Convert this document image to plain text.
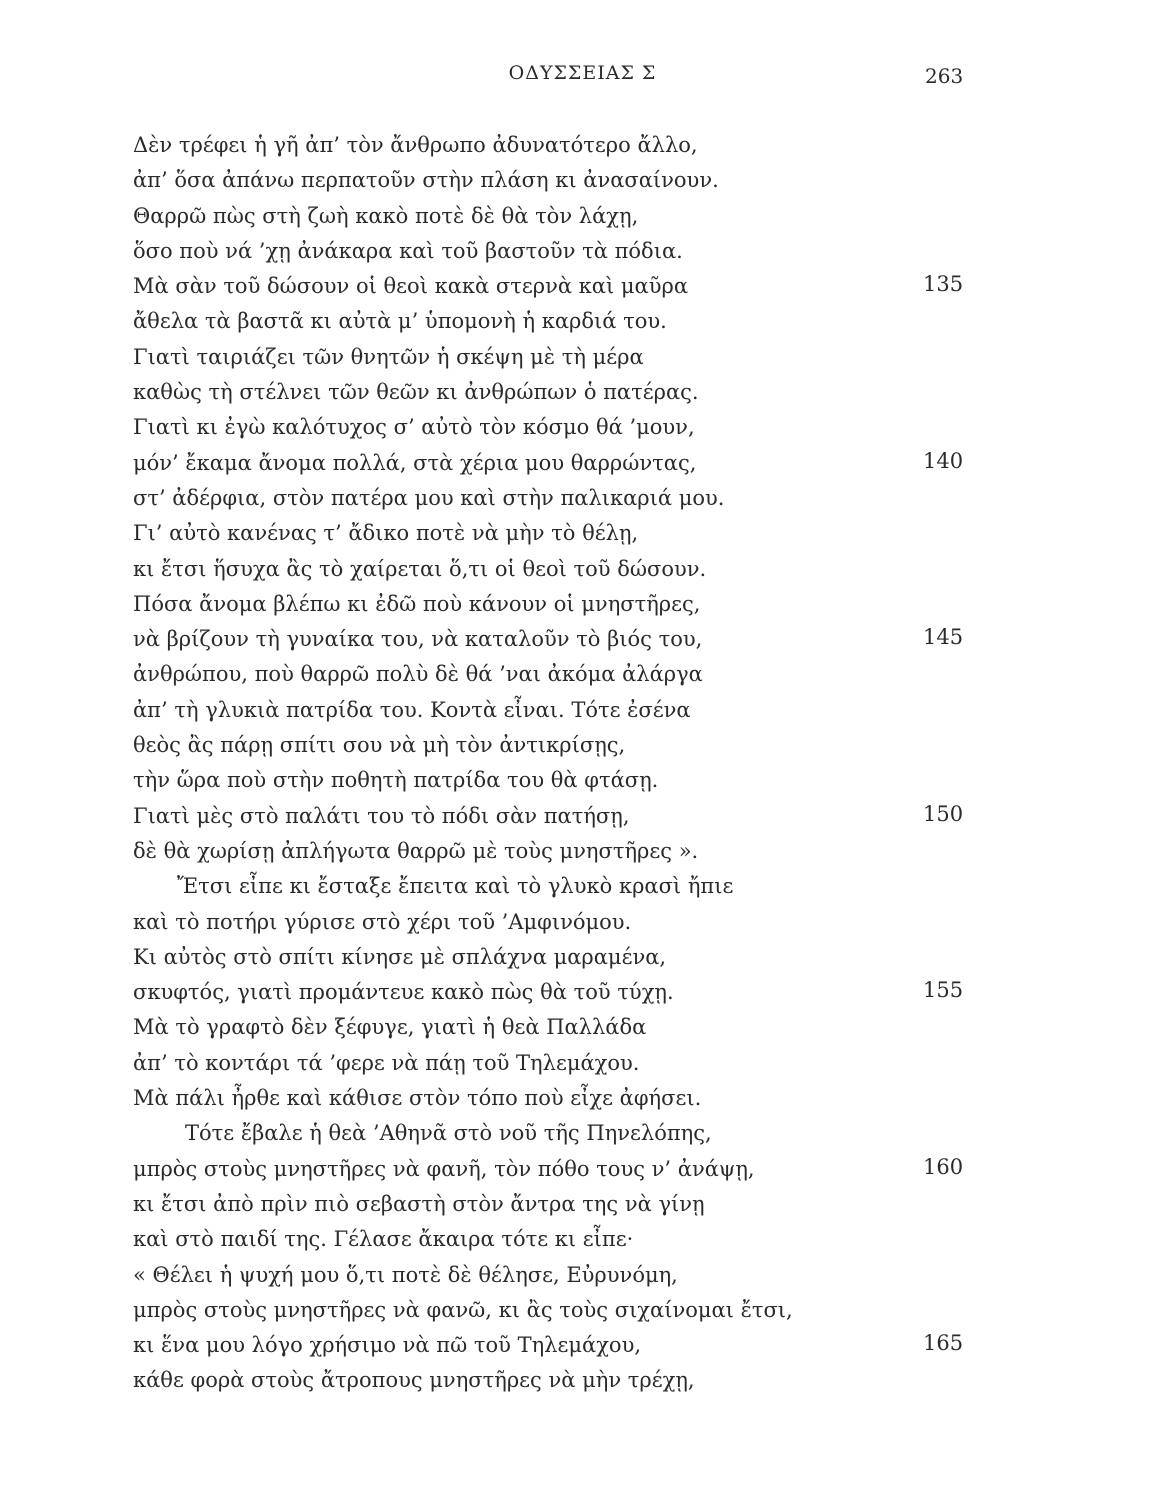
ΟΔΥΣΣΕΙΑΣ Σ	263
Δὲν τρέφει ἡ γῆ ἀπ’ τὸν ἄνθρωπο ἀδυνατότερο ἄλλο,
ἀπ’ ὅσα ἀπάνω περπατοῦν στὴν πλάση κι ἀνασαίνουν.
Θαρρῶ πὼς στὴ ζωὴ κακὸ ποτὲ δὲ θὰ τὸν λάχῃ,
ὅσο ποὺ νά ’χῃ ἀνάκαρα καὶ τοῦ βαστοῦν τὰ πόδια.
Μὰ σὰν τοῦ δώσουν οἱ θεοὶ κακὰ στερνὰ καὶ μαῦρα	135
ἄθελα τὰ βαστᾶ κι αὐτὰ μ’ ὑπομονὴ ἡ καρδιά του.
Γιατὶ ταιριάζει τῶν θνητῶν ἡ σκέψη μὲ τὴ μέρα
καθὼς τὴ στέλνει τῶν θεῶν κι ἀνθρώπων ὁ πατέρας.
Γιατὶ κι ἐγὼ καλότυχος σ’ αὐτὸ τὸν κόσμο θά ’μουν,
μόν’ ἔκαμα ἄνομα πολλά, στὰ χέρια μου θαρρώντας,	140
στ’ ἀδέρφια, στὸν πατέρα μου καὶ στὴν παλικαριά μου.
Γι’ αὐτὸ κανένας τ’ ἄδικο ποτὲ νὰ μὴν τὸ θέλῃ,
κι ἔτσι ἥσυχα ἂς τὸ χαίρεται ὅ,τι οἱ θεοὶ τοῦ δώσουν.
Πόσα ἄνομα βλέπω κι ἐδῶ ποὺ κάνουν οἱ μνηστῆρες,
νὰ βρίζουν τὴ γυναίκα του, νὰ καταλοῦν τὸ βιός του,	145
ἀνθρώπου, ποὺ θαρρῶ πολὺ δὲ θά ’ναι ἀκόμα ἀλάργα
ἀπ’ τὴ γλυκιὰ πατρίδα του. Κοντὰ εἶναι. Τότε ἐσένα
θεὸς ἂς πάρῃ σπίτι σου νὰ μὴ τὸν ἀντικρίσῃς,
τὴν ὥρα ποὺ στὴν ποθητὴ πατρίδα του θὰ φτάσῃ.
Γιατὶ μὲς στὸ παλάτι του τὸ πόδι σὰν πατήσῃ,	150
δὲ θὰ χωρίσῃ ἀπλήγωτα θαρρῶ μὲ τοὺς μνηστῆρες ».
Ἔτσι εἶπε κι ἔσταξε ἔπειτα καὶ τὸ γλυκὸ κρασὶ ἤπιε
καὶ τὸ ποτήρι γύρισε στὸ χέρι τοῦ ’Αμφινόμου.
Κι αὐτὸς στὸ σπίτι κίνησε μὲ σπλάχνα μαραμένα,
σκυφτός, γιατὶ προμάντευε κακὸ πὼς θὰ τοῦ τύχῃ.	155
Μὰ τὸ γραφτὸ δὲν ξέφυγε, γιατὶ ἡ θεὰ Παλλάδα
ἀπ’ τὸ κοντάρι τά ’φερε νὰ πάῃ τοῦ Τηλεμάχου.
Μὰ πάλι ἦρθε καὶ κάθισε στὸν τόπο ποὺ εἶχε ἀφήσει.
Τότε ἔβαλε ἡ θεὰ ’Αθηνᾶ στὸ νοῦ τῆς Πηνελόπης,
μπρὸς στοὺς μνηστῆρες νὰ φανῆ, τὸν πόθο τους ν’ ἀνάψῃ,	160
κι ἔτσι ἀπὸ πρὶν πιὸ σεβαστὴ στὸν ἄντρα της νὰ γίνῃ
καὶ στὸ παιδί της. Γέλασε ἄκαιρα τότε κι εἶπε·
« Θέλει ἡ ψυχή μου ὅ,τι ποτὲ δὲ θέλησε, Εὐρυνόμη,
μπρὸς στοὺς μνηστῆρες νὰ φανῶ, κι ἂς τοὺς σιχαίνομαι ἔτσι,
κι ἕνα μου λόγο χρήσιμο νὰ πῶ τοῦ Τηλεμάχου,	165
κάθε φορὰ στοὺς ἄτροπους μνηστῆρες νὰ μὴν τρέχῃ,
